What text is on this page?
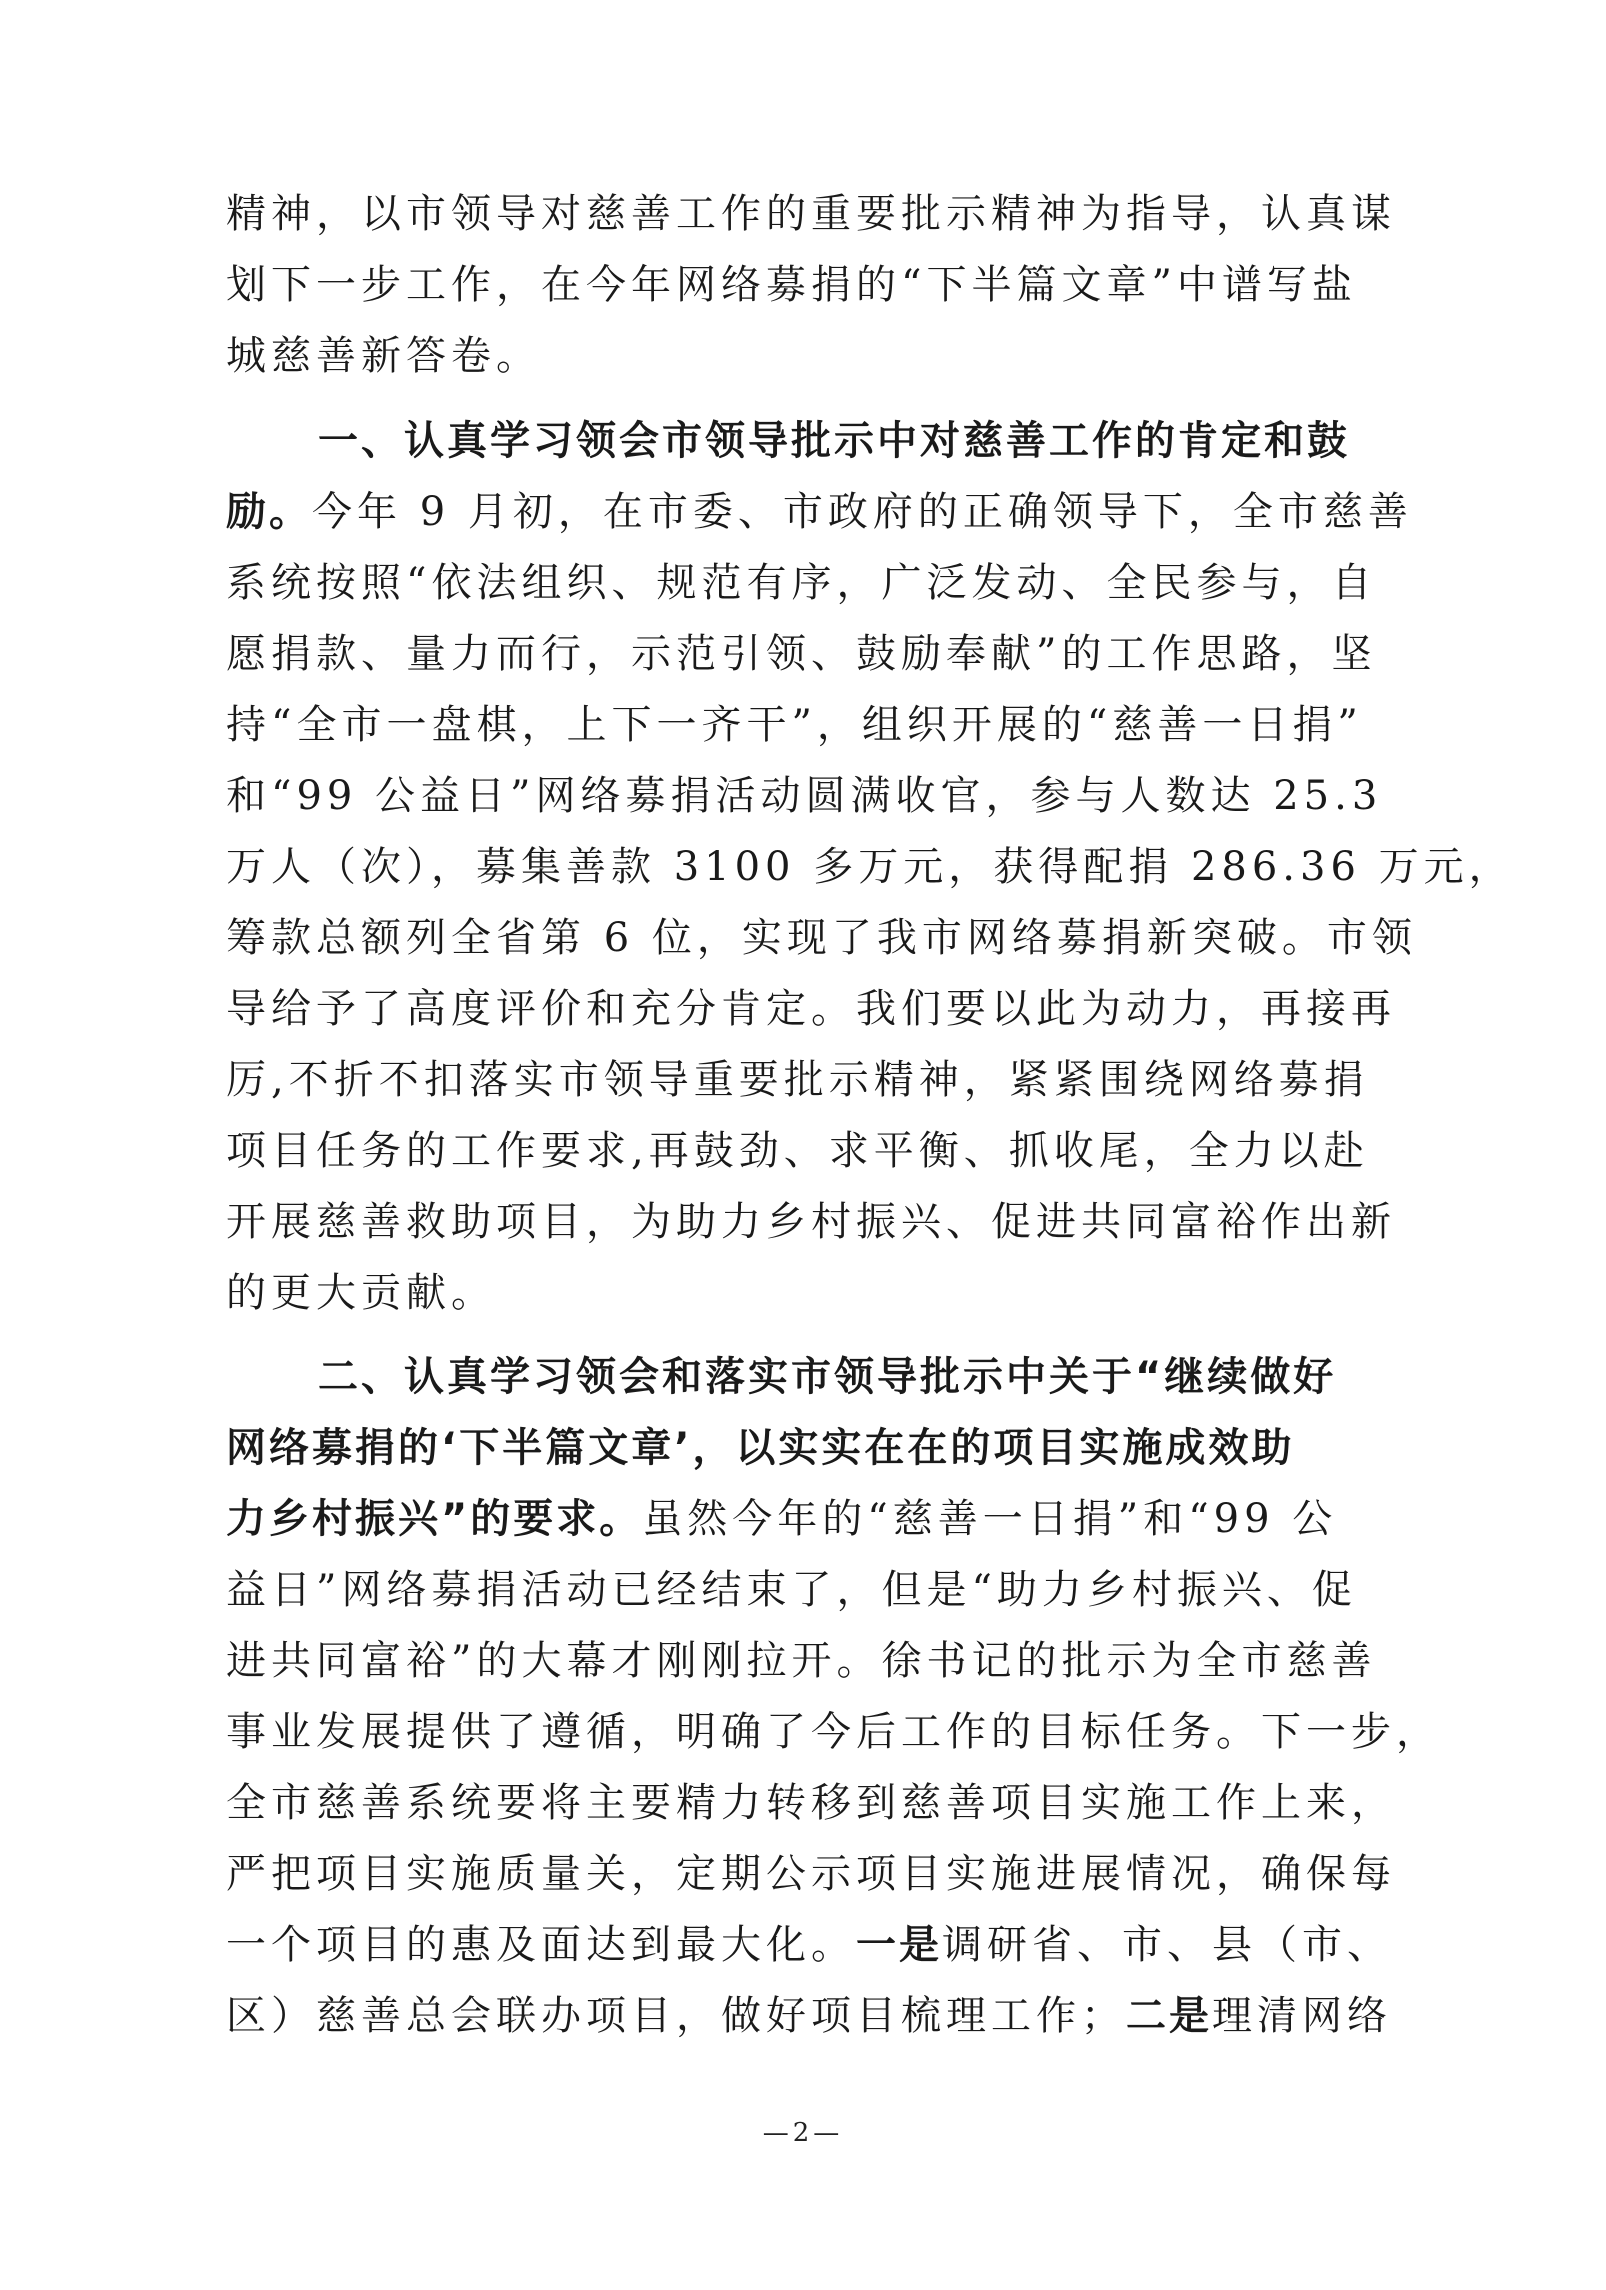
精神，以市领导对慈善工作的重要批示精神为指导，认真谋
划下一步工作，在今年网络募捐的“下半篇文章”中谱写盐
城慈善新答卷。
一、认真学习领会市领导批示中对慈善工作的肯定和鼓
励。今年 9 月初，在市委、市政府的正确领导下，全市慈善
系统按照“依法组织、规范有序，广泛发动、全民参与，自
愿捐款、量力而行，示范引领、鼓励奉献”的工作思路，坚
持“全市一盘棋，上下一齐干”，组织开展的“慈善一日捐”
和“99 公益日”网络募捐活动圆满收官，参与人数达 25.3
万人（次），募集善款 3100 多万元，获得配捐 286.36 万元，
筹款总额列全省第 6 位，实现了我市网络募捐新突破。市领
导给予了高度评价和充分肯定。我们要以此为动力，再接再
厉,不折不扣落实市领导重要批示精神，紧紧围绕网络募捐
项目任务的工作要求,再鼓劲、求平衡、抓收尾，全力以赴
开展慈善救助项目，为助力乡村振兴、促进共同富裕作出新
的更大贡献。
二、认真学习领会和落实市领导批示中关于“继续做好
网络募捐的‘下半篇文章’，以实实在在的项目实施成效助
力乡村振兴”的要求。虽然今年的“慈善一日捐”和“99 公
益日”网络募捐活动已经结束了，但是“助力乡村振兴、促
进共同富裕”的大幕才刚刚拉开。徐书记的批示为全市慈善
事业发展提供了遵循，明确了今后工作的目标任务。下一步，
全市慈善系统要将主要精力转移到慈善项目实施工作上来，
严把项目实施质量关，定期公示项目实施进展情况，确保每
一个项目的惠及面达到最大化。一是调研省、市、县（市、
区）慈善总会联办项目，做好项目梳理工作；二是理清网络
—2—
